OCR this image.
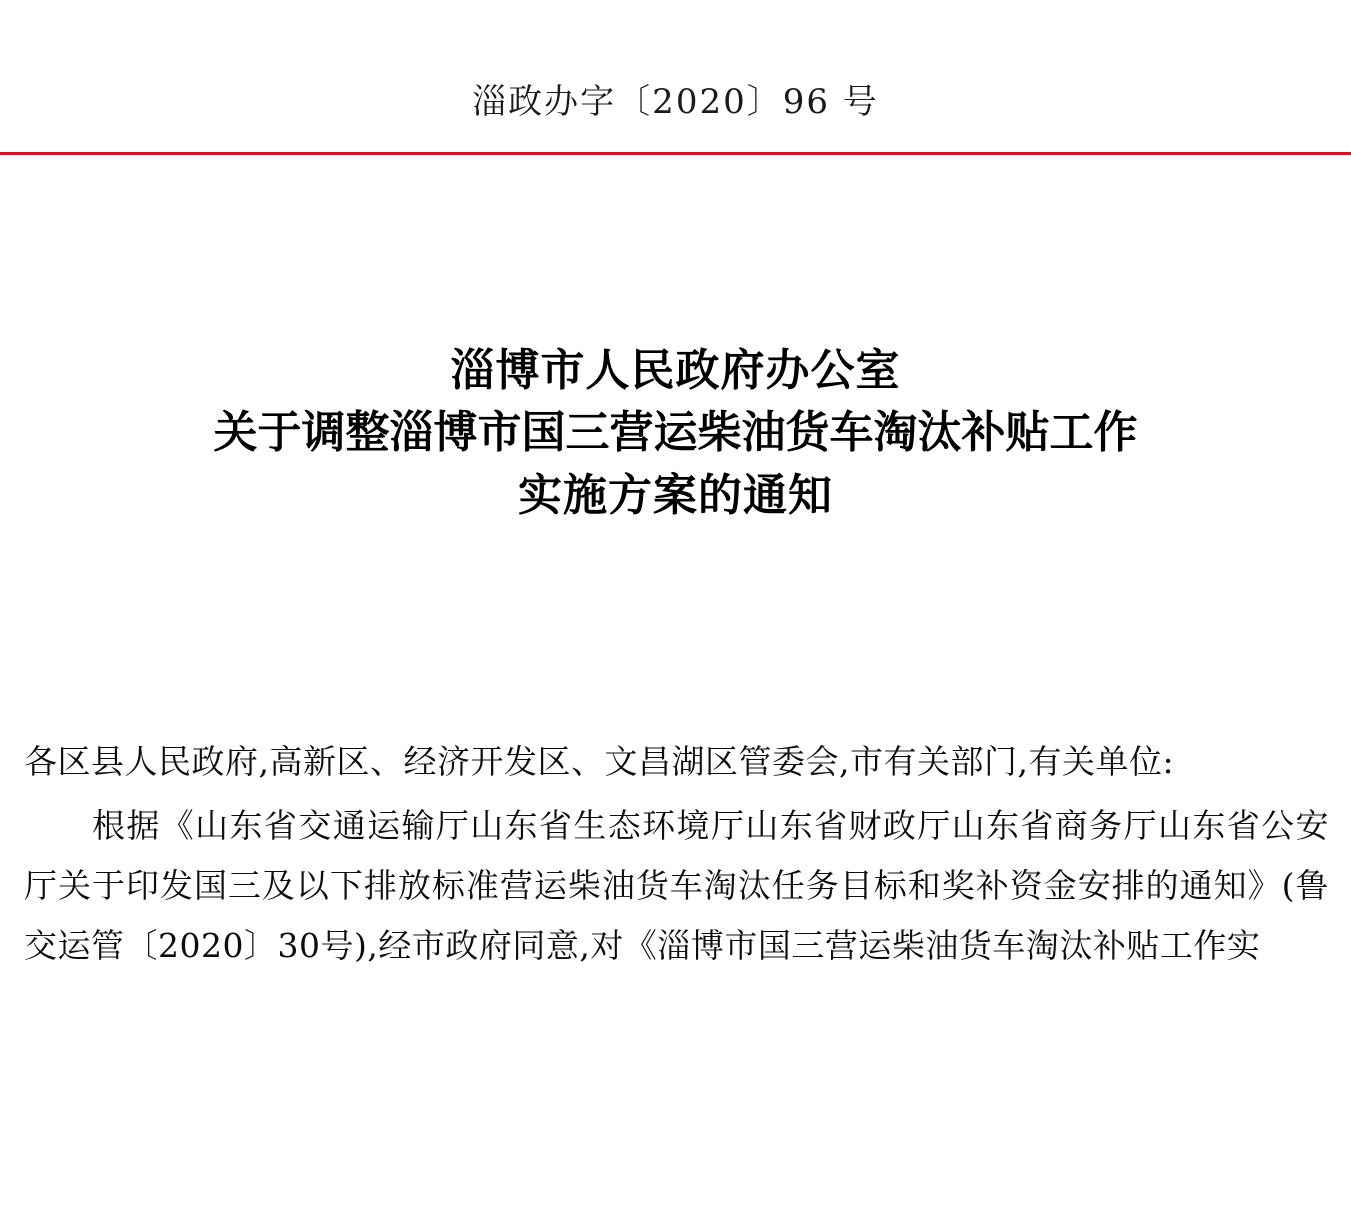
淄政办字〔2020〕96 号
淄博市人民政府办公室
关于调整淄博市国三营运柴油货车淘汰补贴工作
实施方案的通知

各区县人民政府,高新区、经济开发区、文昌湖区管委会,市有关部门,有关单位:

根据《山东省交通运输厅山东省生态环境厅山东省财政厅山东省商务厅山东省公安厅关于印发国三及以下排放标准营运柴油货车淘汰任务目标和奖补资金安排的通知》(鲁交运管〔2020〕30号),经市政府同意,对《淄博市国三营运柴油货车淘汰补贴工作实
